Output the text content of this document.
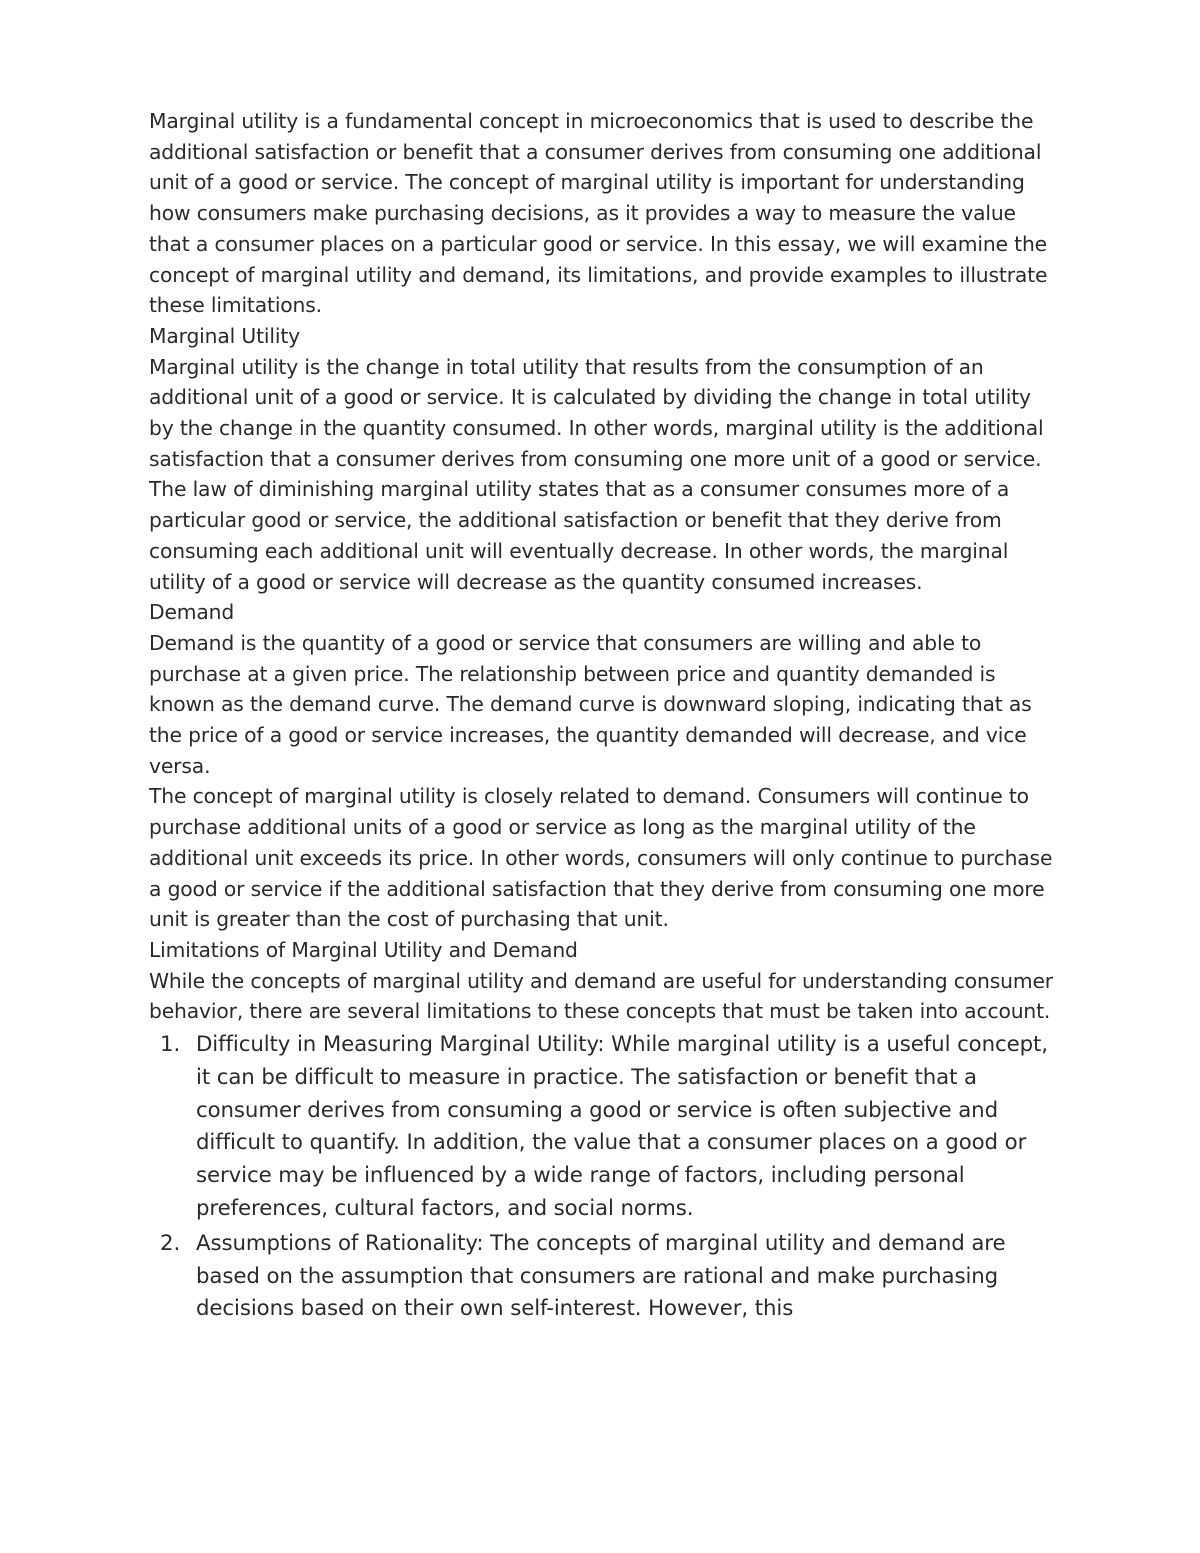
Marginal utility is a fundamental concept in microeconomics that is used to describe the additional satisfaction or benefit that a consumer derives from consuming one additional unit of a good or service. The concept of marginal utility is important for understanding how consumers make purchasing decisions, as it provides a way to measure the value that a consumer places on a particular good or service. In this essay, we will examine the concept of marginal utility and demand, its limitations, and provide examples to illustrate these limitations.

Marginal Utility

Marginal utility is the change in total utility that results from the consumption of an additional unit of a good or service. It is calculated by dividing the change in total utility by the change in the quantity consumed. In other words, marginal utility is the additional satisfaction that a consumer derives from consuming one more unit of a good or service.

The law of diminishing marginal utility states that as a consumer consumes more of a particular good or service, the additional satisfaction or benefit that they derive from consuming each additional unit will eventually decrease. In other words, the marginal utility of a good or service will decrease as the quantity consumed increases.

Demand

Demand is the quantity of a good or service that consumers are willing and able to purchase at a given price. The relationship between price and quantity demanded is known as the demand curve. The demand curve is downward sloping, indicating that as the price of a good or service increases, the quantity demanded will decrease, and vice versa.

The concept of marginal utility is closely related to demand. Consumers will continue to purchase additional units of a good or service as long as the marginal utility of the additional unit exceeds its price. In other words, consumers will only continue to purchase a good or service if the additional satisfaction that they derive from consuming one more unit is greater than the cost of purchasing that unit.

Limitations of Marginal Utility and Demand

While the concepts of marginal utility and demand are useful for understanding consumer behavior, there are several limitations to these concepts that must be taken into account.

1. Difficulty in Measuring Marginal Utility: While marginal utility is a useful concept, it can be difficult to measure in practice. The satisfaction or benefit that a consumer derives from consuming a good or service is often subjective and difficult to quantify. In addition, the value that a consumer places on a good or service may be influenced by a wide range of factors, including personal preferences, cultural factors, and social norms.
2. Assumptions of Rationality: The concepts of marginal utility and demand are based on the assumption that consumers are rational and make purchasing decisions based on their own self-interest. However, this
